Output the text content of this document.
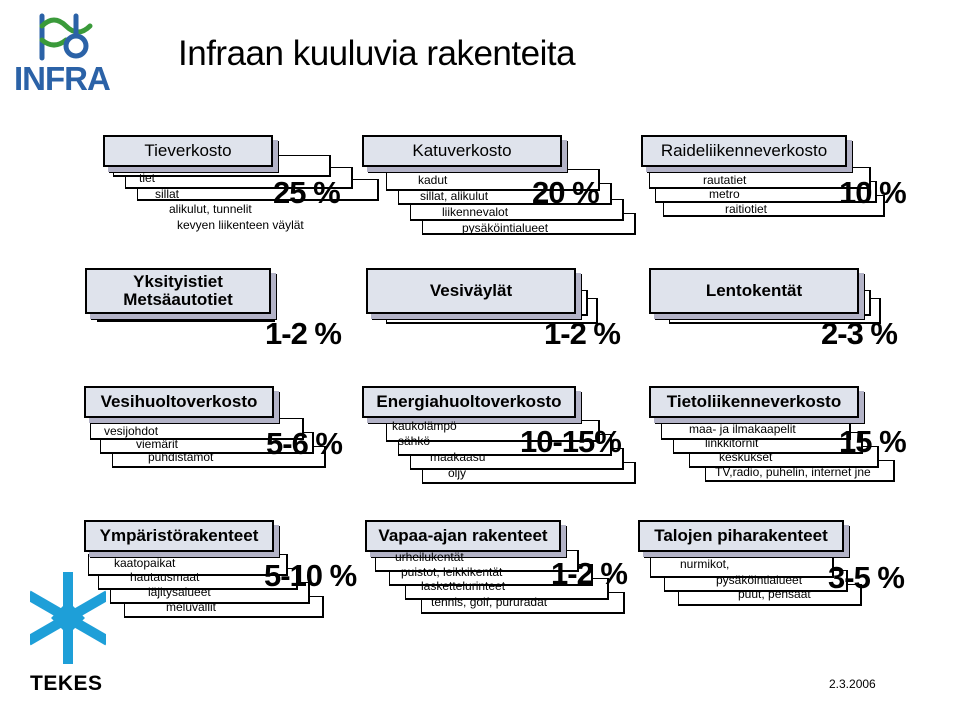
INFRA
Infraan kuuluvia rakenteita
Tieverkosto
tiet
sillat
alikulut, tunnelit
kevyen liikenteen väylät
25 %
Katuverkosto
kadut
sillat, alikulut
liikennevalot
pysäköintialueet
20 %
Raideliikenneverkosto
rautatiet
metro
raitiotiet 10 %
Yksityistiet Metsäautotiet
1-2 %
Vesiväylät
1-2 %
Lentokentät
2-3 %
Vesihuoltoverkosto
vesijohdot
viemärit
puhdistamot 5-6 %
Energiahuoltoverkosto
kaukolämpö
sähkö
maakaasu
öljy
10-15%
Tietoliikenneverkosto
maa- ja ilmakaapelit
linkkitornit
keskukset
TV,radio, puhelin, internet jne
15 %
Ympäristörakenteet
kaatopaikat
hautausmaat
läjitysalueet
meluvallit
5-10 %
Vapaa-ajan rakenteet
urheilukentät
puistot, leikkikentät
laskettelurinteet
tennis, golf, pururadat
1-2 %
Talojen piharakenteet
nurmikot,
pysäköintialueet
puut, pensaat 3-5 %
TEKES	2.3.2006
